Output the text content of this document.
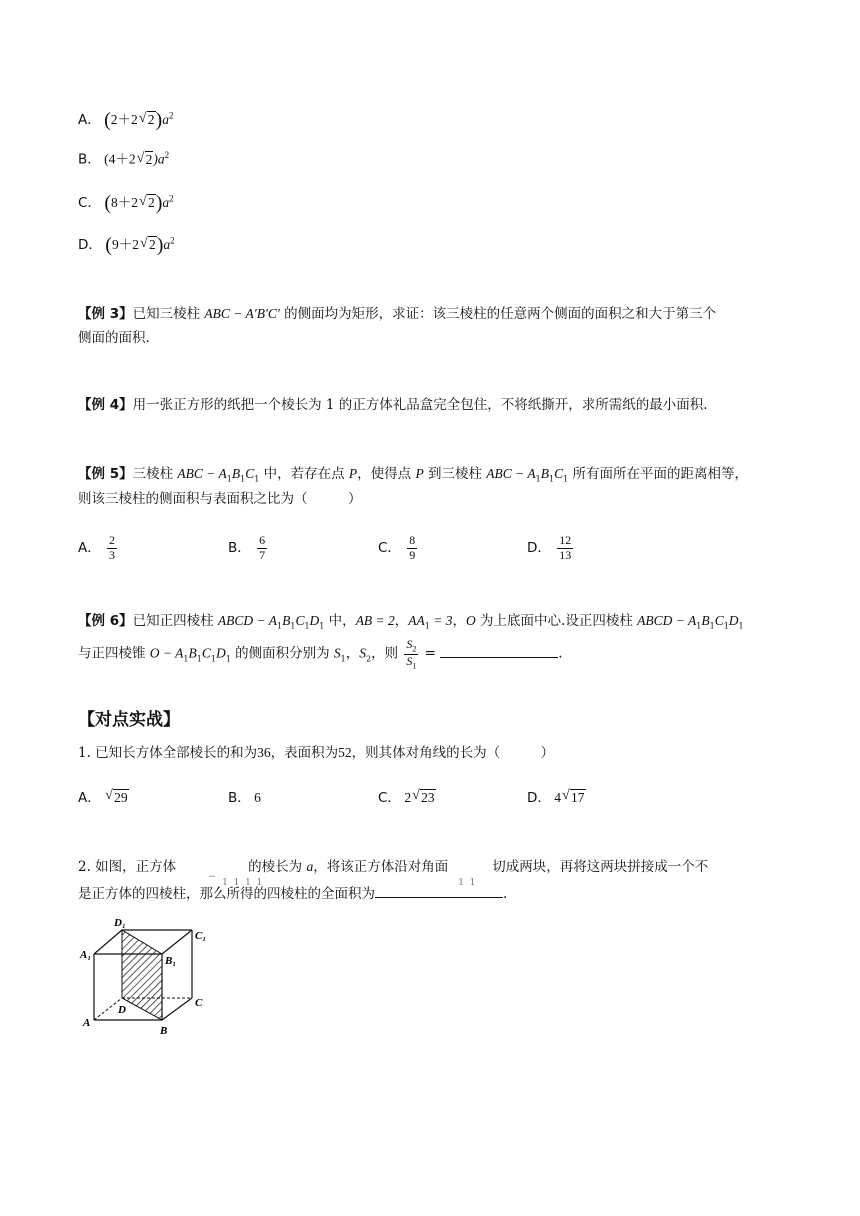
A． (2＋2 √ $2)a^2$
B． (4＋2 √ $2)a^2$
C． (8＋2 √ $2)a^2$
D． (9＋2 √ $2)a^2$
【例 3】已知三棱柱 ABC − A′B′C′ 的侧面均为矩形，求证：该三棱柱的任意两个侧面的面积之和大于第三个
侧面的面积.
【例 4】用一张正方形的纸把一个棱长为 1 的正方体礼品盒完全包住，不将纸撕开，求所需纸的最小面积.
【例 5】三棱柱 ABC − $A_1B_1C_1$ 中，若存在点 P，使得点 P 到三棱柱 ABC − $A_1B_1C_1$ 所有面所在平面的距离相等，
则该三棱柱的侧面积与表面积之比为（　　　）
A． $\frac{2}{3}$	B． $\frac{6}{7}$	C． $\frac{8}{9}$	D． $\frac{12}{13}$
【例 6】已知正四棱柱 ABCD − $A_1B_1C_1D_1$ 中，AB = 2，$AA_1 = 3$，O 为上底面中心.设正四棱柱 ABCD − $A_1B_1C_1D_1$
与正四棱锥 $O - A_1B_1C_1D_1$ 的侧面积分别为 $S_1$，$S_2$，则 $\frac{S_2}{S_1}$ =	.
【对点实战】
1. 已知长方体全部棱长的和为36，表面积为52，则其体对角线的长为（　　　）
A． √ 29	B． 6	C． 2 √ 23	D． 4 √ 17
2. 如图，正方体
−
1  1  1  1
的棱长为 a，将该正方体沿对角面
1  1
切成两块，再将这两块拼接成一个不
是正方体的四棱柱，那么所得的四棱柱的全面积为	.
D₁
C₁
A₁	B₁
D
C
A
B
